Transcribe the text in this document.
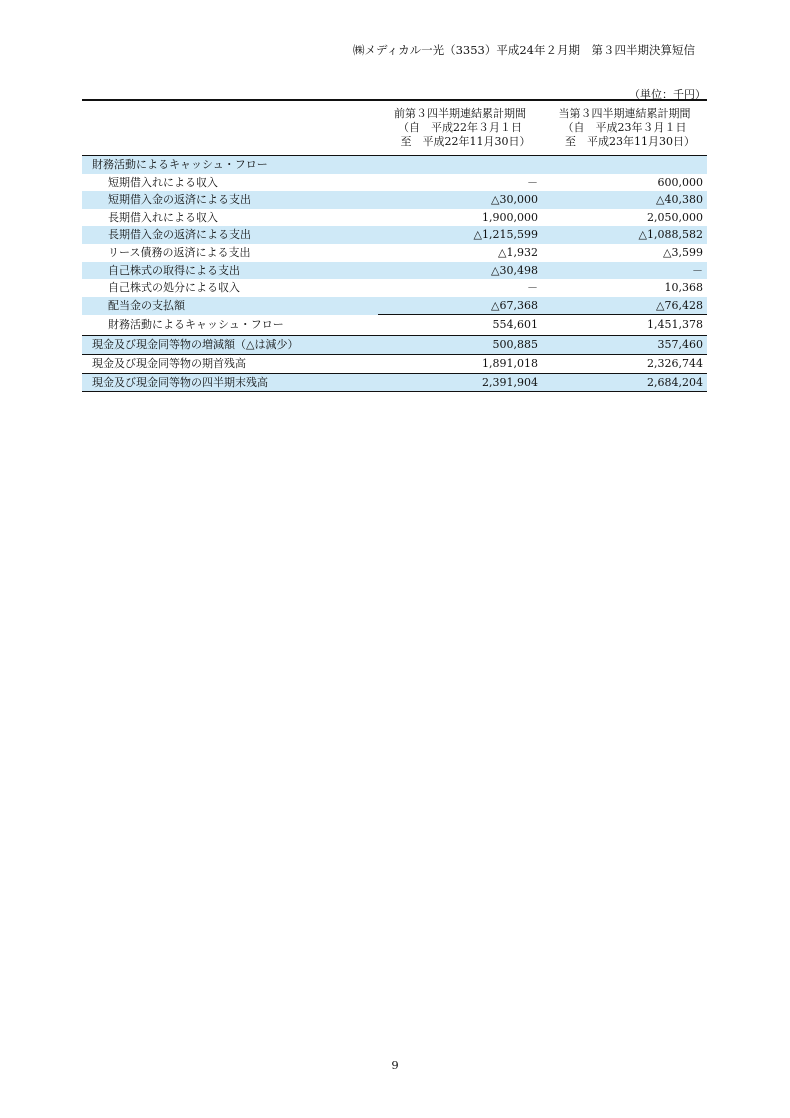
㈱メディカル一光（3353）平成24年２月期　第３四半期決算短信
（単位：千円）

	前第３四半期連結累計期間
（自　平成22年３月１日
　至　平成22年11月30日）	当第３四半期連結累計期間
（自　平成23年３月１日
　至　平成23年11月30日）

財務活動によるキャッシュ・フロー		
短期借入れによる収入	－	600,000
短期借入金の返済による支出	△30,000	△40,380
長期借入れによる収入	1,900,000	2,050,000
長期借入金の返済による支出	△1,215,599	△1,088,582
リース債務の返済による支出	△1,932	△3,599
自己株式の取得による支出	△30,498	－
自己株式の処分による収入	－	10,368
配当金の支払額	△67,368	△76,428
財務活動によるキャッシュ・フロー	554,601	1,451,378
現金及び現金同等物の増減額（△は減少）	500,885	357,460
現金及び現金同等物の期首残高	1,891,018	2,326,744
現金及び現金同等物の四半期末残高	2,391,904	2,684,204
9
